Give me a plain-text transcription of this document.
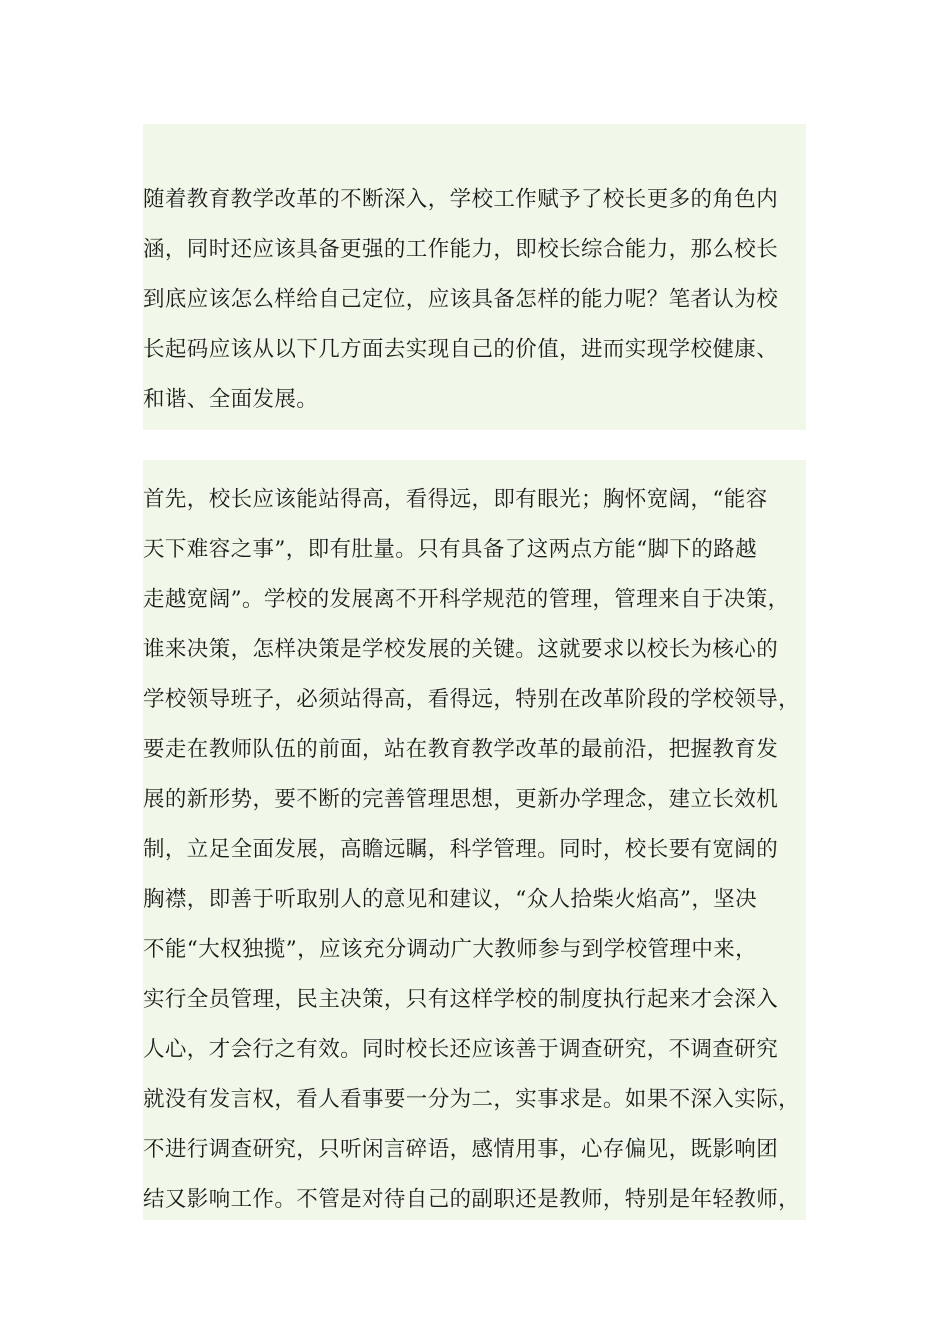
随着教育教学改革的不断深入，学校工作赋予了校长更多的角色内
涵，同时还应该具备更强的工作能力，即校长综合能力，那么校长
到底应该怎么样给自己定位，应该具备怎样的能力呢？笔者认为校
长起码应该从以下几方面去实现自己的价值，进而实现学校健康、
和谐、全面发展。
首先，校长应该能站得高，看得远，即有眼光；胸怀宽阔，“能容
天下难容之事”，即有肚量。只有具备了这两点方能“脚下的路越
走越宽阔”。学校的发展离不开科学规范的管理，管理来自于决策，
谁来决策，怎样决策是学校发展的关键。这就要求以校长为核心的
学校领导班子，必须站得高，看得远，特别在改革阶段的学校领导，
要走在教师队伍的前面，站在教育教学改革的最前沿，把握教育发
展的新形势，要不断的完善管理思想，更新办学理念，建立长效机
制，立足全面发展，高瞻远瞩，科学管理。同时，校长要有宽阔的
胸襟，即善于听取别人的意见和建议，“众人拾柴火焰高”，坚决
不能“大权独揽”，应该充分调动广大教师参与到学校管理中来，
实行全员管理，民主决策，只有这样学校的制度执行起来才会深入
人心，才会行之有效。同时校长还应该善于调查研究，不调查研究
就没有发言权，看人看事要一分为二，实事求是。如果不深入实际，
不进行调查研究，只听闲言碎语，感情用事，心存偏见，既影响团
结又影响工作。不管是对待自己的副职还是教师，特别是年轻教师，
